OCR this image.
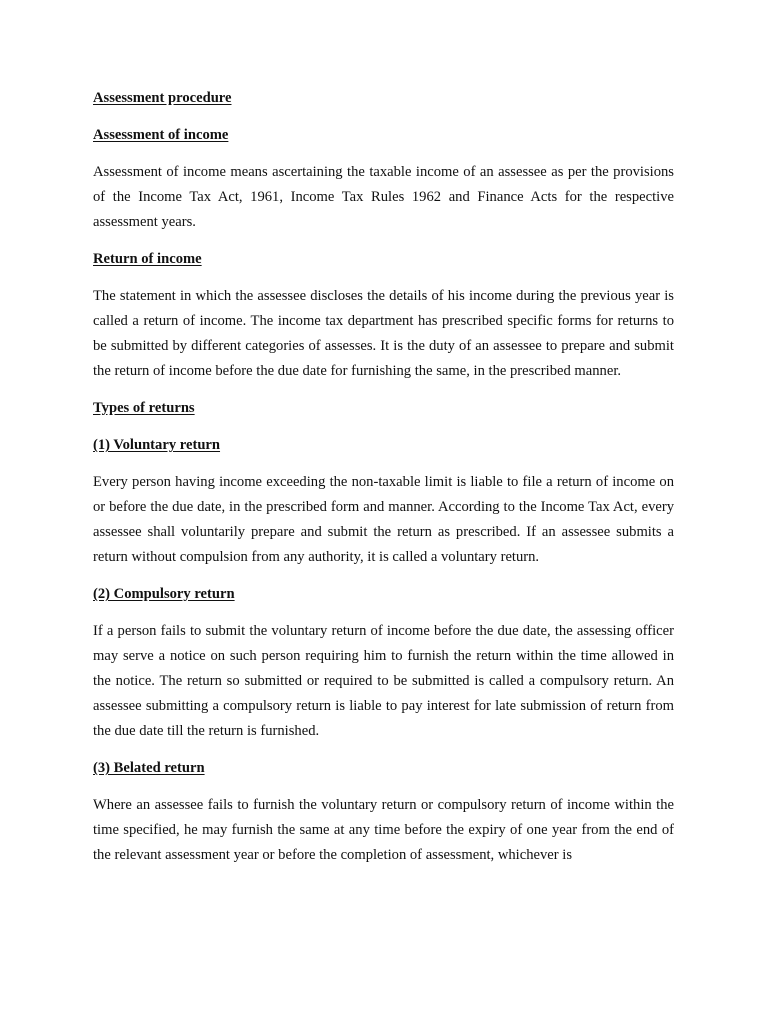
Assessment procedure
Assessment of income
Assessment of income means ascertaining the taxable income of an assessee as per the provisions of the Income Tax Act, 1961, Income Tax Rules 1962 and Finance Acts for the respective assessment years.
Return of income
The statement in which the assessee discloses the details of his income during the previous year is called a return of income. The income tax department has prescribed specific forms for returns to be submitted by different categories of assesses. It is the duty of an assessee to prepare and submit the return of income before the due date for furnishing the same, in the prescribed manner.
Types of returns
(1) Voluntary return
Every person having income exceeding the non-taxable limit is liable to file a return of income on or before the due date, in the prescribed form and manner. According to the Income Tax Act, every assessee shall voluntarily prepare and submit the return as prescribed. If an assessee submits a return without compulsion from any authority, it is called a voluntary return.
(2) Compulsory return
If a person fails to submit the voluntary return of income before the due date, the assessing officer may serve a notice on such person requiring him to furnish the return within the time allowed in the notice. The return so submitted or required to be submitted is called a compulsory return. An assessee submitting a compulsory return is liable to pay interest for late submission of return from the due date till the return is furnished.
(3) Belated return
Where an assessee fails to furnish the voluntary return or compulsory return of income within the time specified, he may furnish the same at any time before the expiry of one year from the end of the relevant assessment year or before the completion of assessment, whichever is
